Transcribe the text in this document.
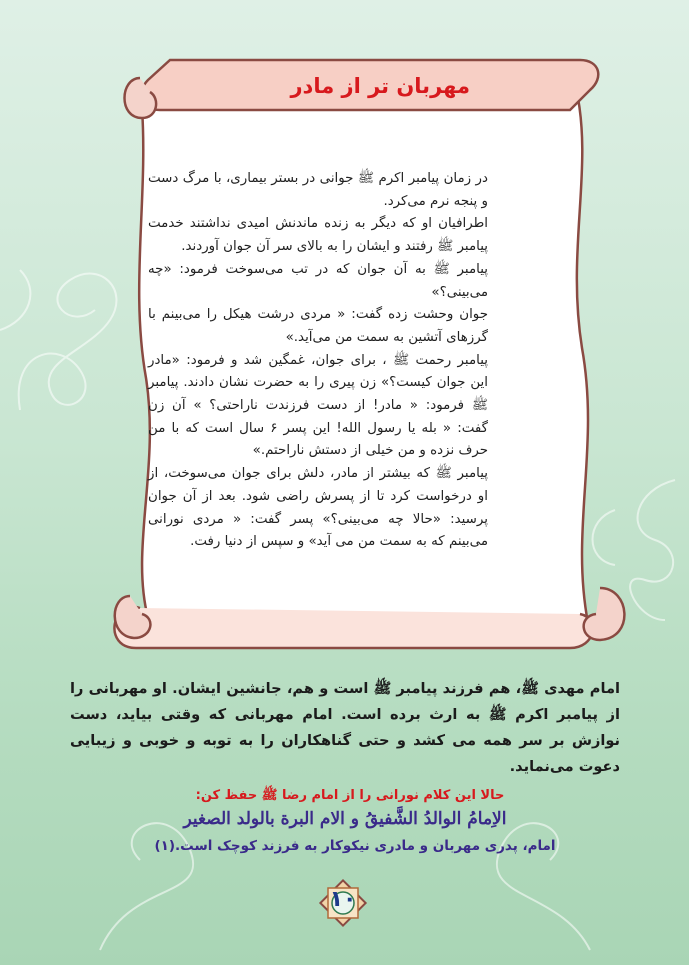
مهربان تر از مادر

در زمان پیامبر اکرم ﷺ جوانی در بستر بیماری، با مرگ دست و پنجه نرم می‌کرد.

اطرافیان او که دیگر به زنده ماندنش امیدی نداشتند خدمت پیامبر ﷺ رفتند و ایشان را به بالای سر آن جوان آوردند.

پیامبر ﷺ به آن جوان که در تب می‌سوخت فرمود: «چه می‌بینی؟»

جوان وحشت زده گفت: « مردی درشت هیکل را می‌بینم با گرزهای آتشین به سمت من می‌آید.»

پیامبر رحمت ﷺ ، برای جوان، غمگین شد و فرمود: «مادر این جوان کیست؟» زن پیری را به حضرت نشان دادند. پیامبر ﷺ فرمود: « مادر! از دست فرزندت ناراحتی؟ » آن زن گفت: « بله یا رسول الله! این پسر ۶ سال است که با من حرف نزده و من خیلی از دستش ناراحتم.»

پیامبر ﷺ که بیشتر از مادر، دلش برای جوان می‌سوخت، از او درخواست کرد تا از پسرش راضی شود. بعد از آن جوان پرسید: «حالا چه می‌بینی؟» پسر گفت: « مردی نورانی می‌بینم که به سمت من می آید» و سپس از دنیا رفت.

امام مهدی ﷺ، هم فرزند پیامبر ﷺ است و هم، جانشین ایشان. او مهربانی را از پیامبر اکرم ﷺ به ارث برده است. امام مهربانی که وقتی بیاید، دست نوازش بر سر همه می کشد و حتی گناهکاران را به توبه و خوبی و زیبایی دعوت می‌نماید.
حالا این کلام نورانی را از امام رضا ﷺ حفظ کن:
الاِمامُ الوالدُ الشَّفیقُ و الام البرة بالولد الصغیر
امام، پدری مهربان و مادری نیکوکار به فرزند کوچک است.(۱)
۱۰
